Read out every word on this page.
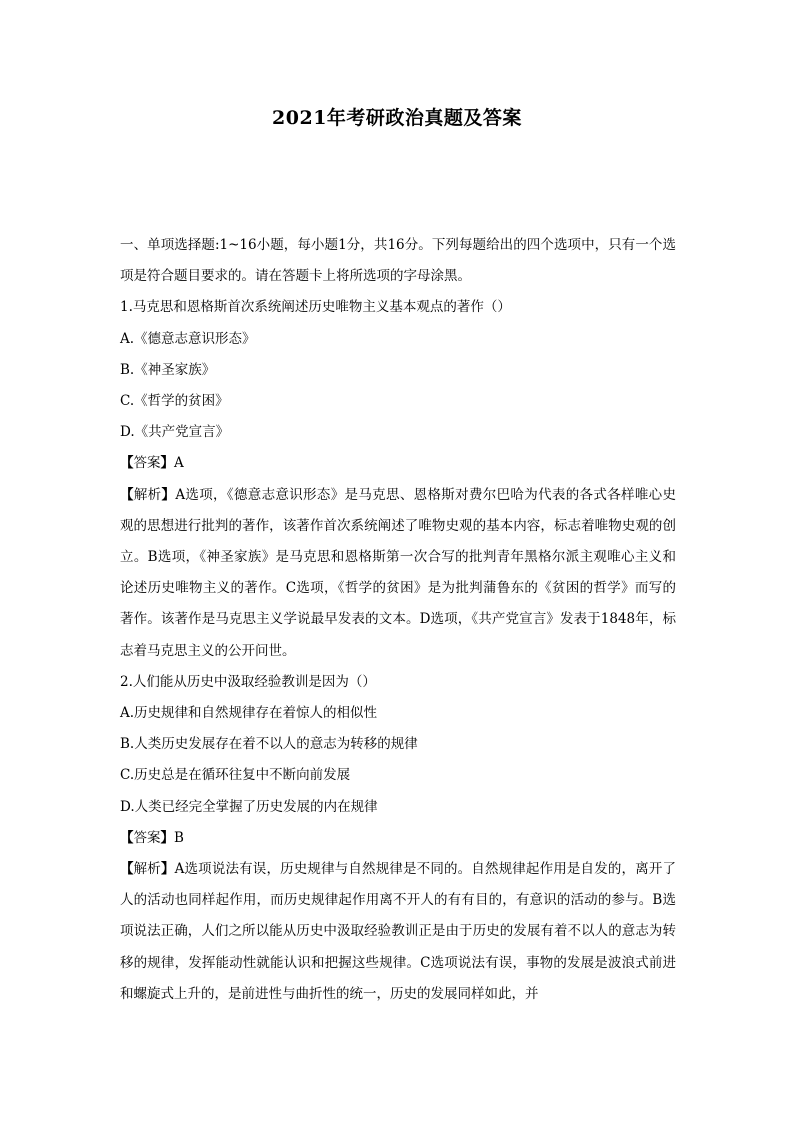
2021年考研政治真题及答案

一、单项选择题:1~16小题，每小题1分，共16分。下列每题给出的四个选项中，只有一个选项是符合题目要求的。请在答题卡上将所选项的字母涂黑。

1.马克思和恩格斯首次系统阐述历史唯物主义基本观点的著作（）

A.《德意志意识形态》

B.《神圣家族》

C.《哲学的贫困》

D.《共产党宣言》

【答案】A

【解析】A选项，《德意志意识形态》是马克思、恩格斯对费尔巴哈为代表的各式各样唯心史观的思想进行批判的著作，该著作首次系统阐述了唯物史观的基本内容，标志着唯物史观的创立。B选项，《神圣家族》是马克思和恩格斯第一次合写的批判青年黑格尔派主观唯心主义和论述历史唯物主义的著作。C选项，《哲学的贫困》是为批判蒲鲁东的《贫困的哲学》而写的著作。该著作是马克思主义学说最早发表的文本。D选项，《共产党宣言》发表于1848年，标志着马克思主义的公开问世。

2.人们能从历史中汲取经验教训是因为（）

A.历史规律和自然规律存在着惊人的相似性

B.人类历史发展存在着不以人的意志为转移的规律

C.历史总是在循环往复中不断向前发展

D.人类已经完全掌握了历史发展的内在规律

【答案】B

【解析】A选项说法有误，历史规律与自然规律是不同的。自然规律起作用是自发的，离开了人的活动也同样起作用，而历史规律起作用离不开人的有有目的，有意识的活动的参与。B选项说法正确，人们之所以能从历史中汲取经验教训正是由于历史的发展有着不以人的意志为转移的规律，发挥能动性就能认识和把握这些规律。C选项说法有误，事物的发展是波浪式前进和螺旋式上升的，是前进性与曲折性的统一，历史的发展同样如此，并
